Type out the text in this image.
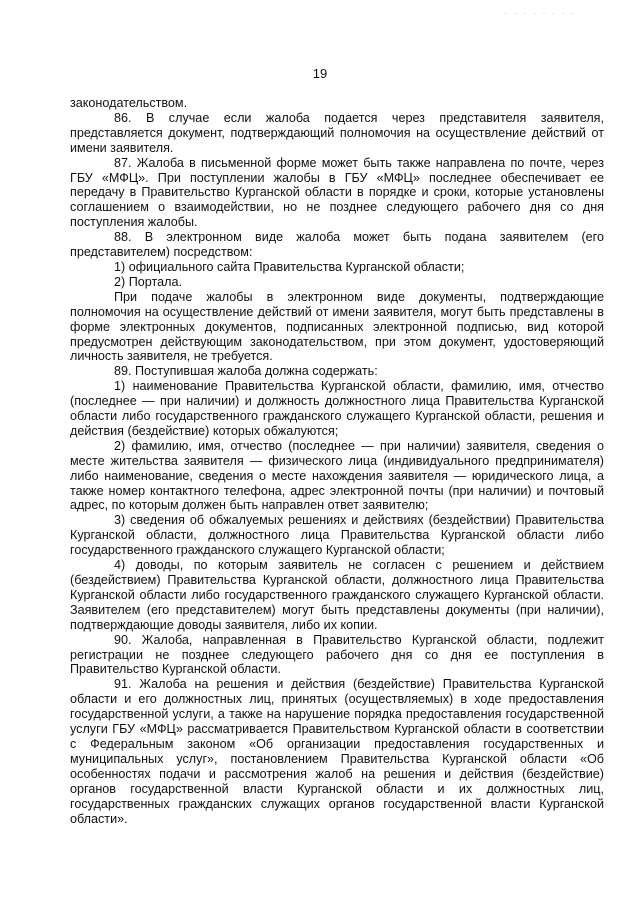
· · · · · · · ·
19

законодательством.

86. В случае если жалоба подается через представителя заявителя, представляется документ, подтверждающий полномочия на осуществление действий от имени заявителя.

87. Жалоба в письменной форме может быть также направлена по почте, через ГБУ «МФЦ». При поступлении жалобы в ГБУ «МФЦ» последнее обеспечивает ее передачу в Правительство Курганской области в порядке и сроки, которые установлены соглашением о взаимодействии, но не позднее следующего рабочего дня со дня поступления жалобы.

88. В электронном виде жалоба может быть подана заявителем (его представителем) посредством:

1) официального сайта Правительства Курганской области;

2) Портала.

При подаче жалобы в электронном виде документы, подтверждающие полномочия на осуществление действий от имени заявителя, могут быть представлены в форме электронных документов, подписанных электронной подписью, вид которой предусмотрен действующим законодательством, при этом документ, удостоверяющий личность заявителя, не требуется.

89. Поступившая жалоба должна содержать:

1) наименование Правительства Курганской области, фамилию, имя, отчество (последнее — при наличии) и должность должностного лица Правительства Курганской области либо государственного гражданского служащего Курганской области, решения и действия (бездействие) которых обжалуются;

2) фамилию, имя, отчество (последнее — при наличии) заявителя, сведения о месте жительства заявителя — физического лица (индивидуального предпринимателя) либо наименование, сведения о месте нахождения заявителя — юридического лица, а также номер контактного телефона, адрес электронной почты (при наличии) и почтовый адрес, по которым должен быть направлен ответ заявителю;

3) сведения об обжалуемых решениях и действиях (бездействии) Правительства Курганской области, должностного лица Правительства Курганской области либо государственного гражданского служащего Курганской области;

4) доводы, по которым заявитель не согласен с решением и действием (бездействием) Правительства Курганской области, должностного лица Правительства Курганской области либо государственного гражданского служащего Курганской области. Заявителем (его представителем) могут быть представлены документы (при наличии), подтверждающие доводы заявителя, либо их копии.

90. Жалоба, направленная в Правительство Курганской области, подлежит регистрации не позднее следующего рабочего дня со дня ее поступления в Правительство Курганской области.

91. Жалоба на решения и действия (бездействие) Правительства Курганской области и его должностных лиц, принятых (осуществляемых) в ходе предоставления государственной услуги, а также на нарушение порядка предоставления государственной услуги ГБУ «МФЦ» рассматривается Правительством Курганской области в соответствии с Федеральным законом «Об организации предоставления государственных и муниципальных услуг», постановлением Правительства Курганской области «Об особенностях подачи и рассмотрения жалоб на решения и действия (бездействие) органов государственной власти Курганской области и их должностных лиц, государственных гражданских служащих органов государственной власти Курганской области».
